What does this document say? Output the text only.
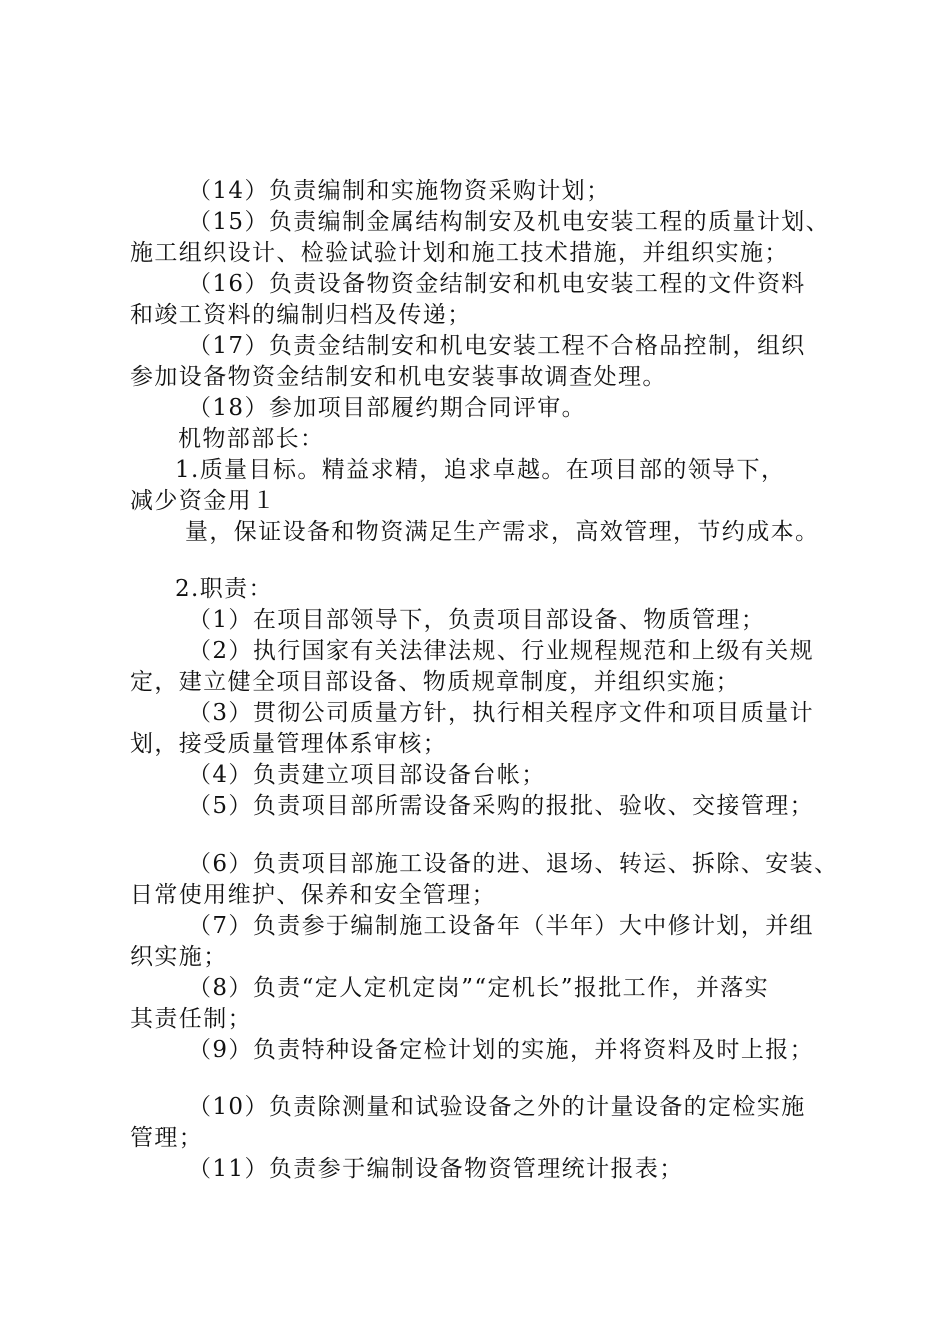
（14）负责编制和实施物资采购计划；
（15）负责编制金属结构制安及机电安装工程的质量计划、
施工组织设计、检验试验计划和施工技术措施，并组织实施；
（16）负责设备物资金结制安和机电安装工程的文件资料
和竣工资料的编制归档及传递；
（17）负责金结制安和机电安装工程不合格品控制，组织
参加设备物资金结制安和机电安装事故调查处理。
（18）参加项目部履约期合同评审。
机物部部长：
1.质量目标。精益求精，追求卓越。在项目部的领导下，
减少资金用１
量，保证设备和物资满足生产需求，高效管理，节约成本。
2.职责：
（1）在项目部领导下，负责项目部设备、物质管理；
（2）执行国家有关法律法规、行业规程规范和上级有关规
定，建立健全项目部设备、物质规章制度，并组织实施；
（3）贯彻公司质量方针，执行相关程序文件和项目质量计
划，接受质量管理体系审核；
（4）负责建立项目部设备台帐；
（5）负责项目部所需设备采购的报批、验收、交接管理；
（6）负责项目部施工设备的进、退场、转运、拆除、安装、
日常使用维护、保养和安全管理；
（7）负责参于编制施工设备年（半年）大中修计划，并组
织实施；
（8）负责“定人定机定岗”“定机长”报批工作，并落实
其责任制；
（9）负责特种设备定检计划的实施，并将资料及时上报；
（10）负责除测量和试验设备之外的计量设备的定检实施
管理；
（11）负责参于编制设备物资管理统计报表；
